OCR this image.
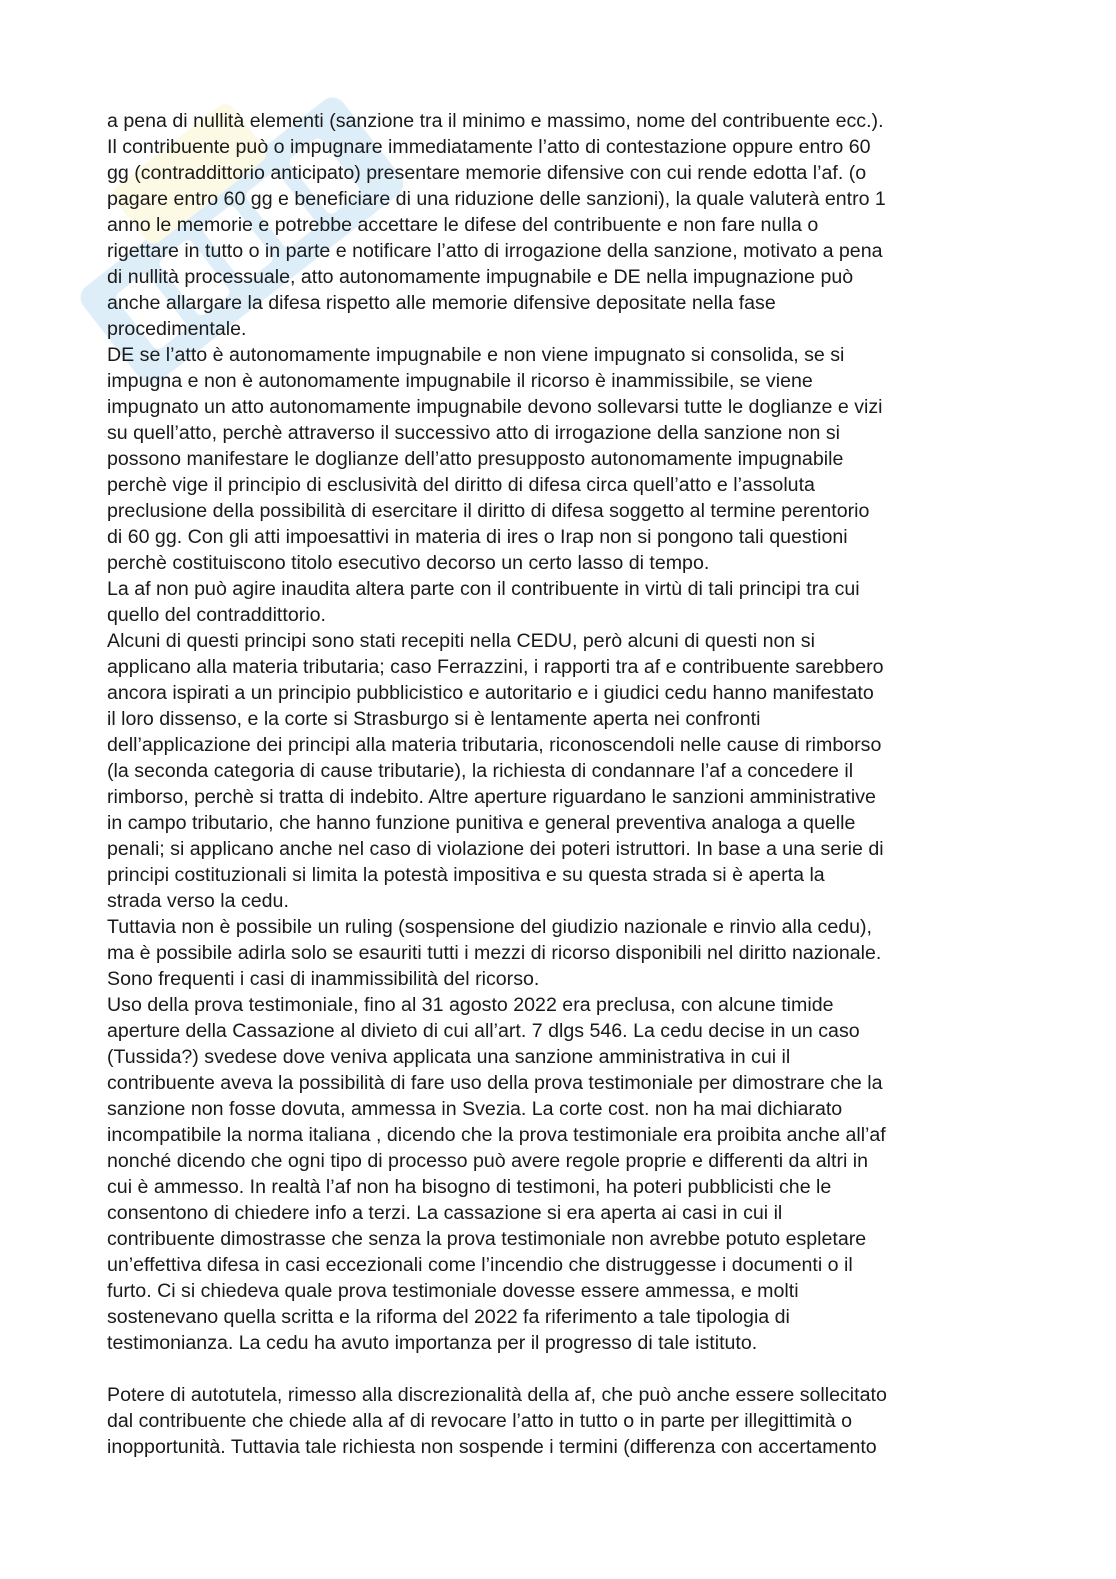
a pena di nullità elementi (sanzione tra il minimo e massimo, nome del contribuente ecc.).

Il contribuente può o impugnare immediatamente l’atto di contestazione oppure entro 60

gg (contraddittorio anticipato) presentare memorie difensive con cui rende edotta l’af. (o

pagare entro 60 gg e beneficiare di una riduzione delle sanzioni), la quale valuterà entro 1

anno le memorie e potrebbe accettare le difese del contribuente e non fare nulla o

rigettare in tutto o in parte e notificare l’atto di irrogazione della sanzione, motivato a pena

di nullità processuale, atto autonomamente impugnabile e DE nella impugnazione può

anche allargare la difesa rispetto alle memorie difensive depositate nella fase

procedimentale.

DE se l’atto è autonomamente impugnabile e non viene impugnato si consolida, se si

impugna e non è autonomamente impugnabile il ricorso è inammissibile, se viene

impugnato un atto autonomamente impugnabile devono sollevarsi tutte le doglianze e vizi

su quell’atto, perchè attraverso il successivo atto di irrogazione della sanzione non si

possono manifestare le doglianze dell’atto presupposto autonomamente impugnabile

perchè vige il principio di esclusività del diritto di difesa circa quell’atto e l’assoluta

preclusione della possibilità di esercitare il diritto di difesa soggetto al termine perentorio

di 60 gg. Con gli atti impoesattivi in materia di ires o Irap non si pongono tali questioni

perchè costituiscono titolo esecutivo decorso un certo lasso di tempo.

La af non può agire inaudita altera parte con il contribuente in virtù di tali principi tra cui

quello del contraddittorio.

Alcuni di questi principi sono stati recepiti nella CEDU, però alcuni di questi non si

applicano alla materia tributaria; caso Ferrazzini, i rapporti tra af e contribuente sarebbero

ancora ispirati a un principio pubblicistico e autoritario e i giudici cedu hanno manifestato

il loro dissenso, e la corte si Strasburgo si è lentamente aperta nei confronti

dell’applicazione dei principi alla materia tributaria, riconoscendoli nelle cause di rimborso

(la seconda categoria di cause tributarie), la richiesta di condannare l’af a concedere il

rimborso, perchè si tratta di indebito. Altre aperture riguardano le sanzioni amministrative

in campo tributario, che hanno funzione punitiva e general preventiva analoga a quelle

penali; si applicano anche nel caso di violazione dei poteri istruttori. In base a una serie di

principi costituzionali si limita la potestà impositiva e su questa strada si è aperta la

strada verso la cedu.

Tuttavia non è possibile un ruling (sospensione del giudizio nazionale e rinvio alla cedu),

ma è possibile adirla solo se esauriti tutti i mezzi di ricorso disponibili nel diritto nazionale.

Sono frequenti i casi di inammissibilità del ricorso.

Uso della prova testimoniale, fino al 31 agosto 2022 era preclusa, con alcune timide

aperture della Cassazione al divieto di cui all’art. 7 dlgs 546. La cedu decise in un caso

(Tussida?) svedese dove veniva applicata una sanzione amministrativa in cui il

contribuente aveva la possibilità di fare uso della prova testimoniale per dimostrare che la

sanzione non fosse dovuta, ammessa in Svezia. La corte cost. non ha mai dichiarato

incompatibile la norma italiana , dicendo che la prova testimoniale era proibita anche all’af

nonché dicendo che ogni tipo di processo può avere regole proprie e differenti da altri in

cui è ammesso. In realtà l’af non ha bisogno di testimoni, ha poteri pubblicisti che le

consentono di chiedere info a terzi. La cassazione si era aperta ai casi in cui il

contribuente dimostrasse che senza la prova testimoniale non avrebbe potuto espletare

un’effettiva difesa in casi eccezionali come l’incendio che distruggesse i documenti o il

furto. Ci si chiedeva quale prova testimoniale dovesse essere ammessa, e molti

sostenevano quella scritta e la riforma del 2022 fa riferimento a tale tipologia di

testimonianza. La cedu ha avuto importanza per il progresso di tale istituto.

Potere di autotutela, rimesso alla discrezionalità della af, che può anche essere sollecitato

dal contribuente che chiede alla af di revocare l’atto in tutto o in parte per illegittimità o

inopportunità. Tuttavia tale richiesta non sospende i termini (differenza con accertamento
